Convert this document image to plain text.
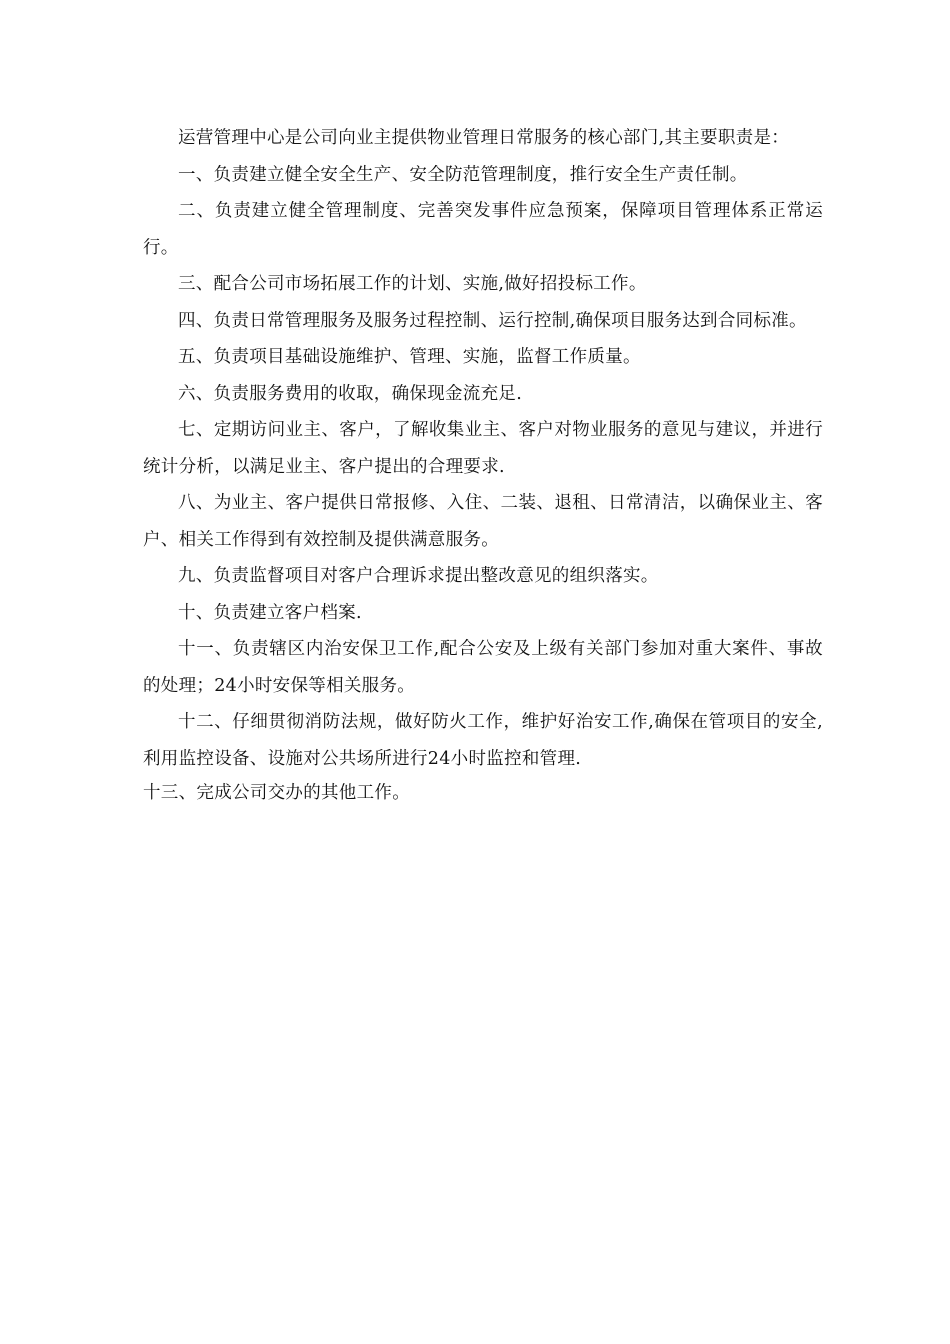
运营管理中心是公司向业主提供物业管理日常服务的核心部门,其主要职责是：

一、负责建立健全安全生产、安全防范管理制度，推行安全生产责任制。

二、负责建立健全管理制度、完善突发事件应急预案，保障项目管理体系正常运行。

三、配合公司市场拓展工作的计划、实施,做好招投标工作。

四、负责日常管理服务及服务过程控制、运行控制,确保项目服务达到合同标准。

五、负责项目基础设施维护、管理、实施，监督工作质量。

六、负责服务费用的收取，确保现金流充足.

七、定期访问业主、客户，了解收集业主、客户对物业服务的意见与建议，并进行统计分析，以满足业主、客户提出的合理要求.

八、为业主、客户提供日常报修、入住、二装、退租、日常清洁，以确保业主、客户、相关工作得到有效控制及提供满意服务。

九、负责监督项目对客户合理诉求提出整改意见的组织落实。

十、负责建立客户档案.

十一、负责辖区内治安保卫工作,配合公安及上级有关部门参加对重大案件、事故的处理；24小时安保等相关服务。

十二、仔细贯彻消防法规，做好防火工作，维护好治安工作,确保在管项目的安全,利用监控设备、设施对公共场所进行24小时监控和管理.

十三、完成公司交办的其他工作。
